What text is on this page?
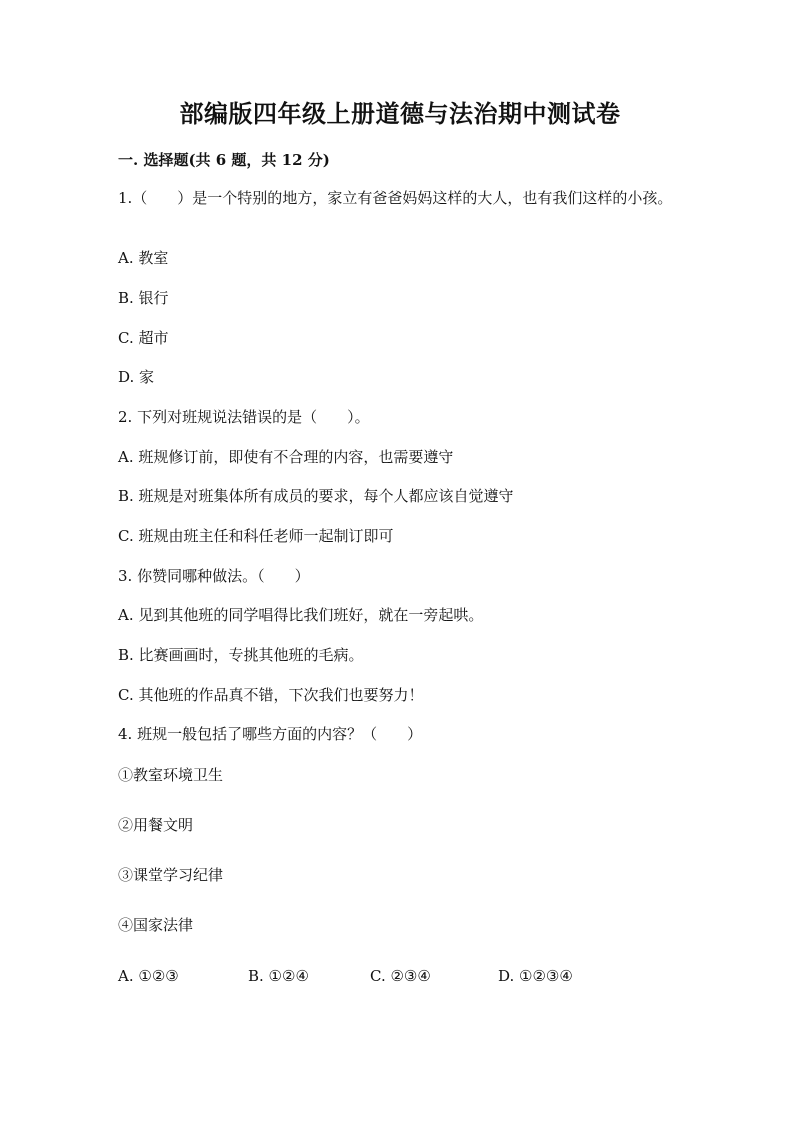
部编版四年级上册道德与法治期中测试卷
一. 选择题(共 6 题，共 12 分)
1.（　　）是一个特别的地方，家立有爸爸妈妈这样的大人，也有我们这样的小孩。
A. 教室
B. 银行
C. 超市
D. 家
2. 下列对班规说法错误的是（　　）。
A. 班规修订前，即使有不合理的内容，也需要遵守
B. 班规是对班集体所有成员的要求，每个人都应该自觉遵守
C. 班规由班主任和科任老师一起制订即可
3. 你赞同哪种做法。（　　）
A. 见到其他班的同学唱得比我们班好，就在一旁起哄。
B. 比赛画画时，专挑其他班的毛病。
C. 其他班的作品真不错，下次我们也要努力！
4. 班规一般包括了哪些方面的内容？（　　）
①教室环境卫生
②用餐文明
③课堂学习纪律
④国家法律
A. ①②③	B. ①②④	C. ②③④	D. ①②③④
